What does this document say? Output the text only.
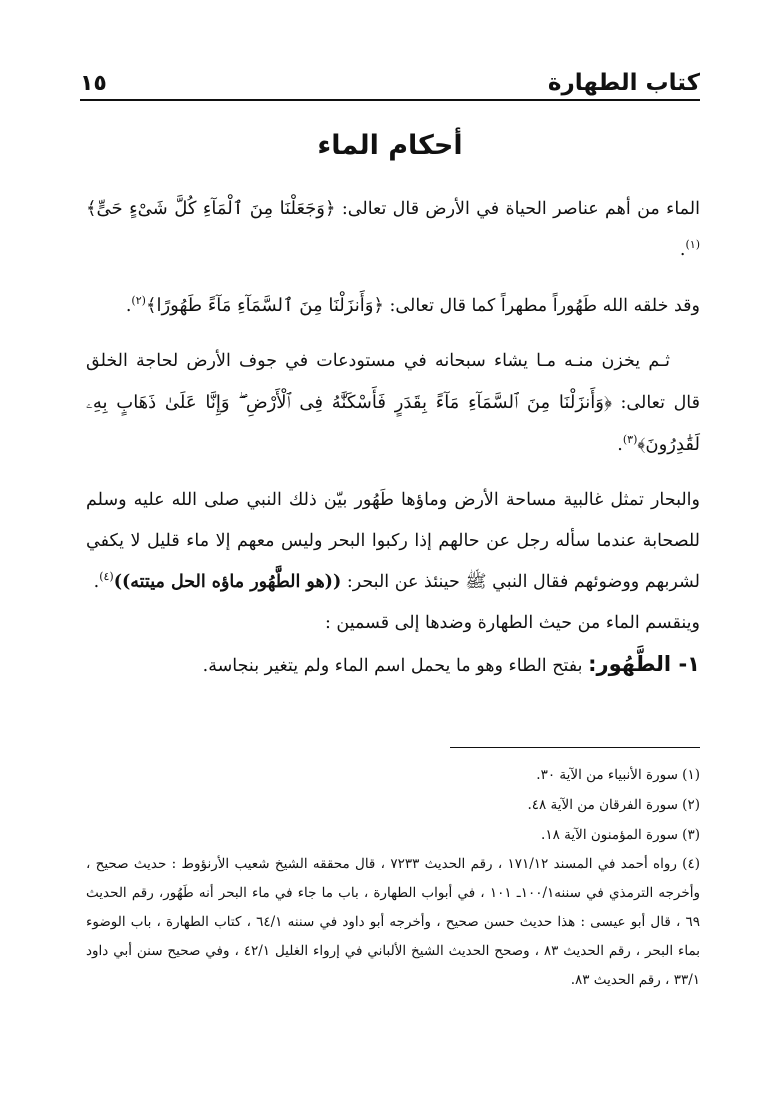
كتاب الطهارة
١٥
أحكام الماء

الماء من أهم عناصر الحياة في الأرض قال تعالى: ﴿وَجَعَلْنَا مِنَ ٱلْمَآءِ كُلَّ شَىْءٍ حَىٍّ﴾$^{(١)}$.

وقد خلقه الله طَهُوراً مطهراً كما قال تعالى: ﴿وَأَنزَلْنَا مِنَ ٱلسَّمَآءِ مَآءً طَهُورًا﴾$^{(٢)}$.

ثـم يخزن منـه مـا يشاء سبحانه في مستودعات في جوف الأرض لحاجة الخلق قال تعالى: ﴿وَأَنزَلْنَا مِنَ ٱلسَّمَآءِ مَآءً بِقَدَرٍ فَأَسْكَنَّٰهُ فِى ٱلْأَرْضِ ۖ وَإِنَّا عَلَىٰ ذَهَابٍ بِهِۦ لَقَٰدِرُونَ﴾$^{(٣)}$.

والبحار تمثل غالبية مساحة الأرض وماؤها طَهُور بيّن ذلك النبي صلى الله عليه وسلم للصحابة عندما سأله رجل عن حالهم إذا ركبوا البحر وليس معهم إلا ماء قليل لا يكفي لشربهم ووضوئهم فقال النبي ﷺ حينئذ عن البحر: ((هو الطَّهُور ماؤه الحل ميتته))$^{(٤)}$.

وينقسم الماء من حيث الطهارة وضدها إلى قسمين :

١- الطَّهُور: بفتح الطاء وهو ما يحمل اسم الماء ولم يتغير بنجاسة.

(١) سورة الأنبياء من الآية ٣٠.

(٢) سورة الفرقان من الآية ٤٨.

(٣) سورة المؤمنون الآية ١٨.

(٤) رواه أحمد في المسند ١٧١/١٢ ، رقم الحديث ٧٢٣٣ ، قال محققه الشيخ شعيب الأرنؤوط : حديث صحيح ، وأخرجه الترمذي في سننه١٠٠/١ـ ١٠١ ، في أبواب الطهارة ، باب ما جاء في ماء البحر أنه طَهُور، رقم الحديث ٦٩ ، قال أبو عيسى : هذا حديث حسن صحيح ، وأخرجه أبو داود في سننه ٦٤/١ ، كتاب الطهارة ، باب الوضوء بماء البحر ، رقم الحديث ٨٣ ، وصحح الحديث الشيخ الألباني في إرواء الغليل ٤٢/١ ، وفي صحيح سنن أبي داود ٣٣/١ ، رقم الحديث ٨٣.
